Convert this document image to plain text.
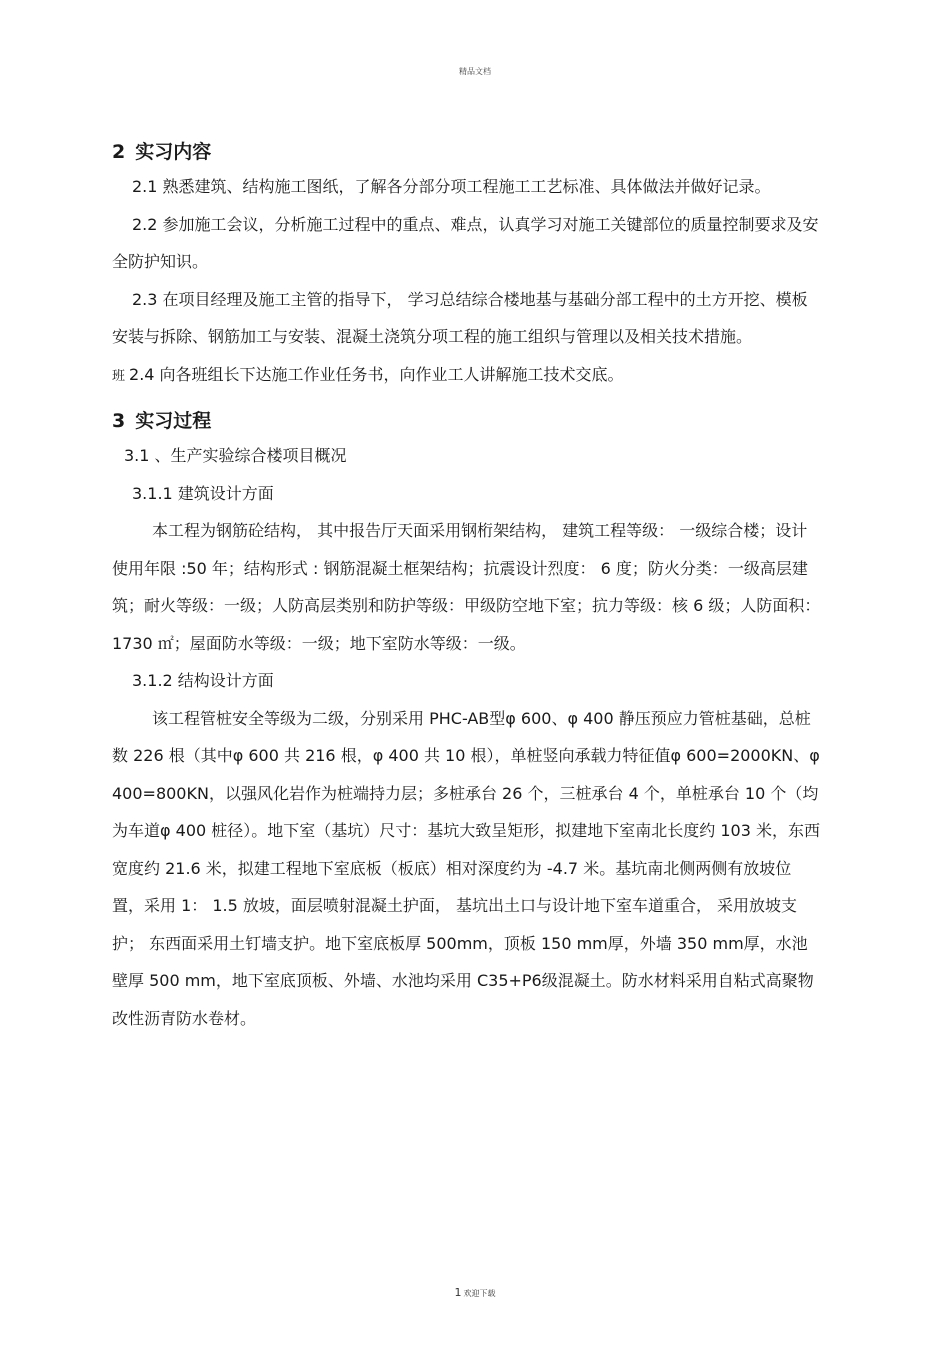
精品文档
2 实习内容

2.1 熟悉建筑、结构施工图纸，了解各分部分项工程施工工艺标准、具体做法并做好记录。

2.2 参加施工会议，分析施工过程中的重点、难点，认真学习对施工关键部位的质量控制要求及安全防护知识。

2.3 在项目经理及施工主管的指导下， 学习总结综合楼地基与基础分部工程中的土方开挖、模板安装与拆除、钢筋加工与安装、混凝土浇筑分项工程的施工组织与管理以及相关技术措施。

班 2.4 向各班组长下达施工作业任务书，向作业工人讲解施工技术交底。

3 实习过程

3.1 、生产实验综合楼项目概况

3.1.1 建筑设计方面

本工程为钢筋砼结构， 其中报告厅天面采用钢桁架结构， 建筑工程等级： 一级综合楼；设计使用年限 :50 年；结构形式 : 钢筋混凝土框架结构；抗震设计烈度： 6 度；防火分类：一级高层建筑；耐火等级：一级；人防高层类别和防护等级：甲级防空地下室；抗力等级：核 6 级；人防面积： 1730 ㎡；屋面防水等级：一级；地下室防水等级：一级。

3.1.2 结构设计方面

该工程管桩安全等级为二级，分别采用 PHC-AB型φ 600、φ 400 静压预应力管桩基础，总桩数 226 根（其中φ 600 共 216 根，φ 400 共 10 根），单桩竖向承载力特征值φ 600=2000KN、φ 400=800KN，以强风化岩作为桩端持力层；多桩承台 26 个，三桩承台 4 个，单桩承台 10 个（均为车道φ 400 桩径）。地下室（基坑）尺寸：基坑大致呈矩形，拟建地下室南北长度约 103 米，东西宽度约 21.6 米，拟建工程地下室底板（板底）相对深度约为 -4.7 米。基坑南北侧两侧有放坡位置，采用 1： 1.5 放坡，面层喷射混凝土护面， 基坑出土口与设计地下室车道重合， 采用放坡支护； 东西面采用土钉墙支护。地下室底板厚 500mm，顶板 150 mm厚，外墙 350 mm厚，水池壁厚 500 mm，地下室底顶板、外墙、水池均采用 C35+P6级混凝土。防水材料采用自粘式高聚物改性沥青防水卷材。

1 欢迎下载
